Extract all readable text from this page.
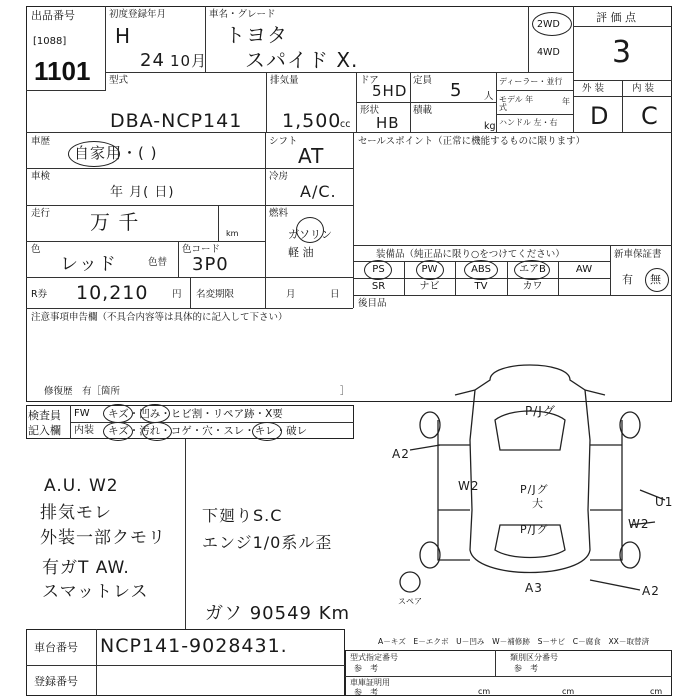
出品番号
[1088]
1101
初度登録年月
H
24 10月
車名・グレード
トヨタ
スパイド X.
2WD
4WD
評 価 点
3
外 装	内 装
D C
型式
DBA-NCP141
排気量
1,500
cc
ドア
5HD
定員 5 人
形状
HB
積載
kg
ディーラー・並行
モデル 年 式
年
ハンドル 左・右
車歴
自家用・( )
シフト
AT
車検
年 月( 日)
冷房
A/C.
走行 万 千	km
燃料
ガソリン
軽 油
色
レッド	色替
色コード
3P0
R券 10,210 円 名変期限	月	日
セールスポイント（正常に機能するものに限ります）
装備品（純正品に限り○をつけてください）	新車保証書
有 無
PS	PW	ABS	エアB	AW
SR	ナビ	TV	カワ
後目品
注意事項申告欄（不具合内容等は具体的に記入して下さい）
修復歴　有［箇所	］
検査員
記入欄
FW キズ・凹み・ヒビ割・リペア跡・X要
内装 キズ・汚れ・コゲ・穴・スレ・キレ・破レ
A.U. W2
排気モレ
外装一部クモリ
有ガT AW.
スマットレス
下廻りS.C
エンジ1/0系ル歪
ガソ 90549 Km
P/Jグ
W2	P/Jグ
大
P/Jグ
A3
A2
A2
U1
W2
スペア
A－キズ　E－エクボ　U－凹み　W－補修跡　S－サビ　C－腐食　XX－取替済
型式指定番号
参　考
類別区分番号
参　考
車庫証明用
参　考	cm	cm	cm
車台番号 NCP141-9028431.
登録番号
